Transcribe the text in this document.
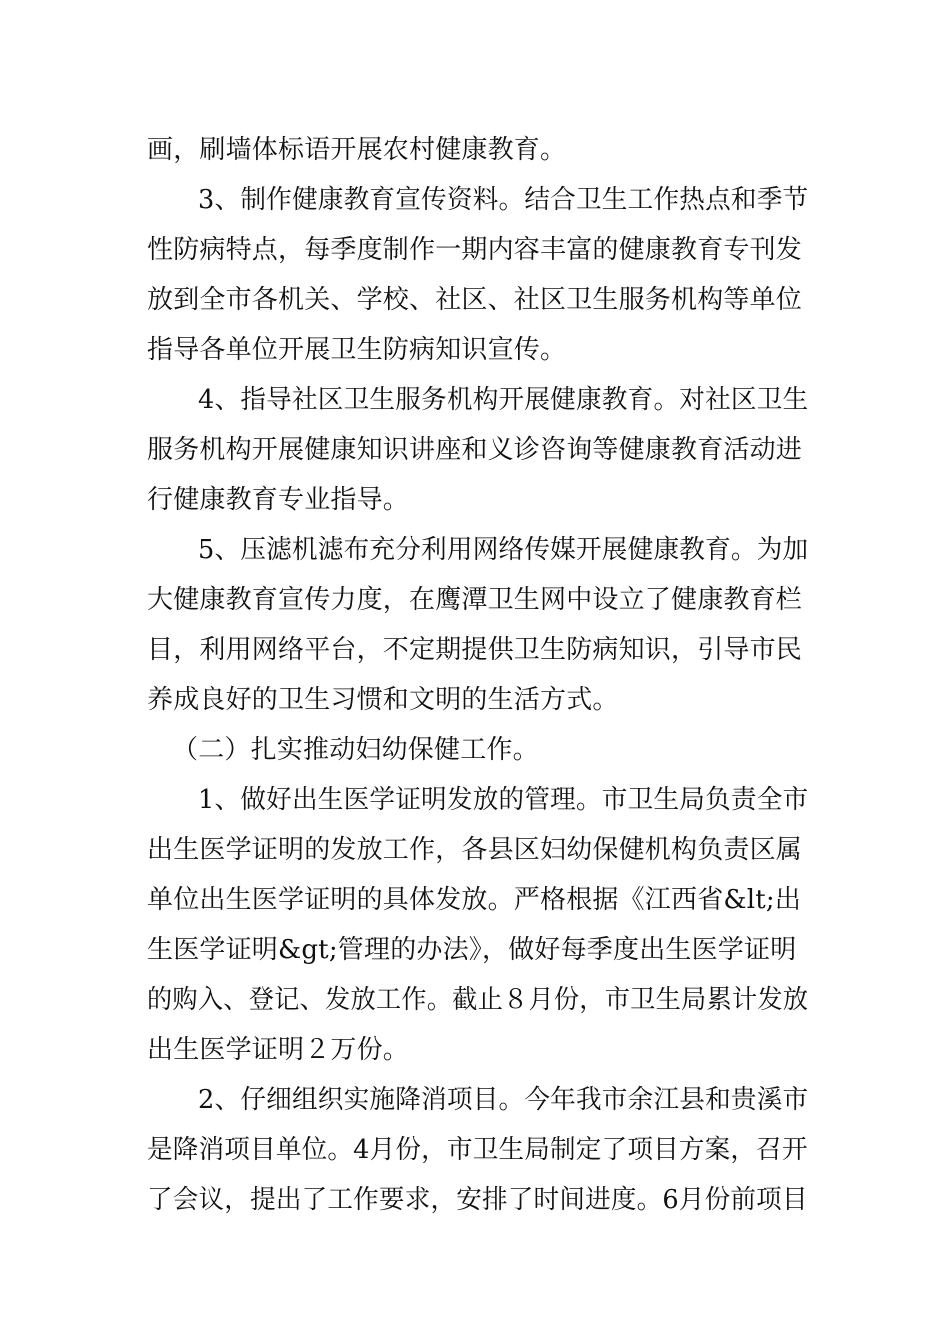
画，刷墙体标语开展农村健康教育。

3、制作健康教育宣传资料。结合卫生工作热点和季节

性防病特点，每季度制作一期内容丰富的健康教育专刊发

放到全市各机关、学校、社区、社区卫生服务机构等单位

指导各单位开展卫生防病知识宣传。

4、指导社区卫生服务机构开展健康教育。对社区卫生

服务机构开展健康知识讲座和义诊咨询等健康教育活动进

行健康教育专业指导。

5、压滤机滤布充分利用网络传媒开展健康教育。为加

大健康教育宣传力度，在鹰潭卫生网中设立了健康教育栏

目，利用网络平台，不定期提供卫生防病知识，引导市民

养成良好的卫生习惯和文明的生活方式。

（二）扎实推动妇幼保健工作。

1、做好出生医学证明发放的管理。市卫生局负责全市

出生医学证明的发放工作，各县区妇幼保健机构负责区属

单位出生医学证明的具体发放。严格根据《江西省&lt;出

生医学证明&gt;管理的办法》，做好每季度出生医学证明

的购入、登记、发放工作。截止８月份，市卫生局累计发放

出生医学证明２万份。

2、仔细组织实施降消项目。今年我市余江县和贵溪市

是降消项目单位。4月份，市卫生局制定了项目方案，召开

了会议，提出了工作要求，安排了时间进度。6月份前项目
